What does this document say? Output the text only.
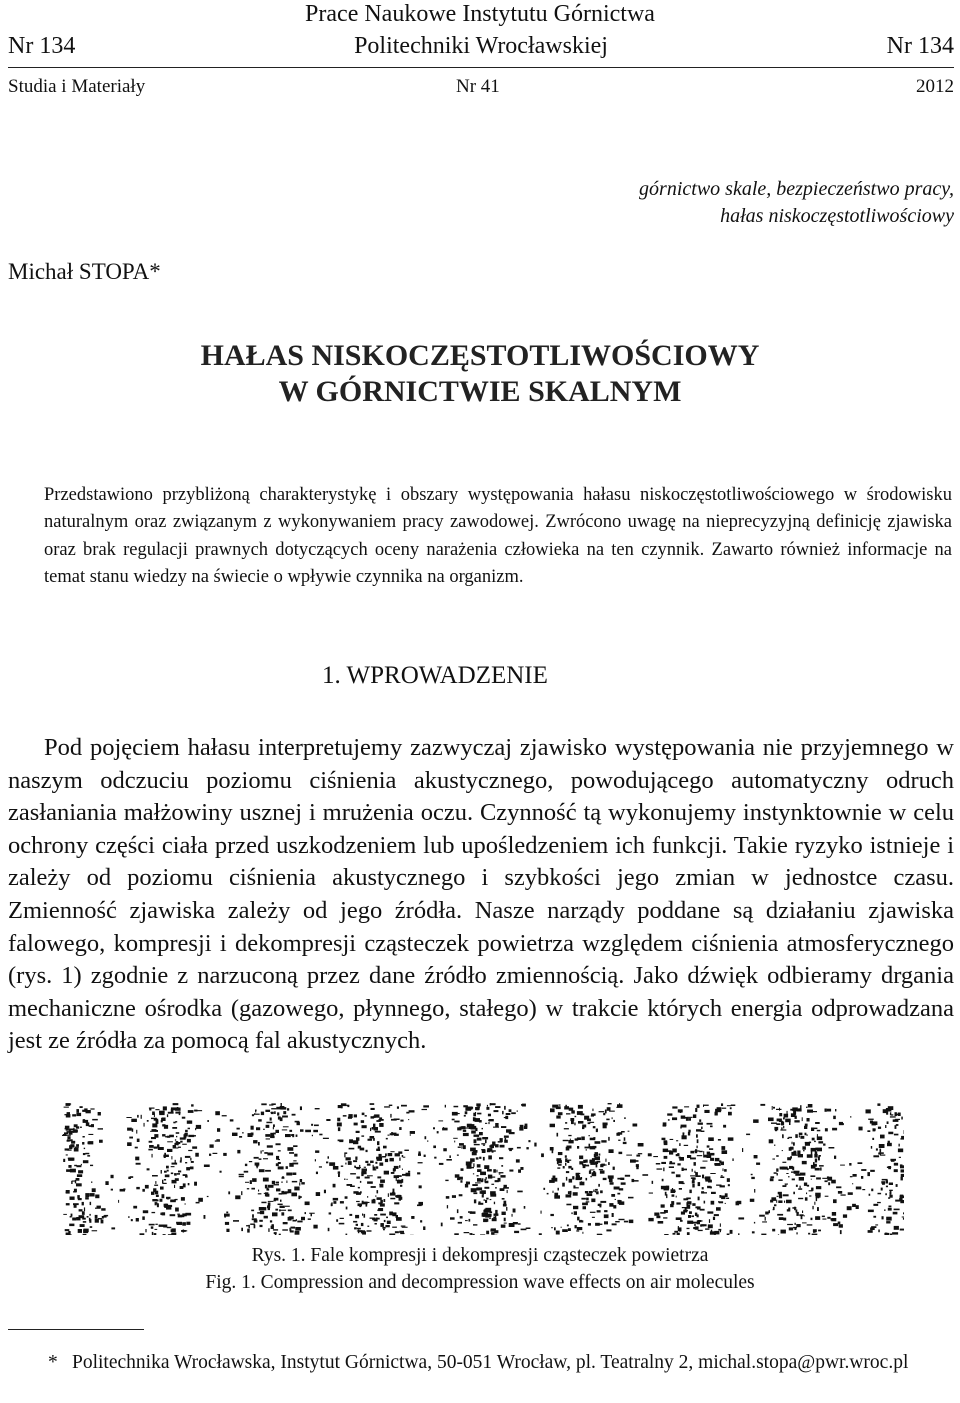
Prace Naukowe Instytutu Górnictwa
Nr 134	Politechniki Wrocławskiej	Nr 134
Studia i Materiały	Nr 41	2012
górnictwo skale, bezpieczeństwo pracy,
hałas niskoczęstotliwościowy
Michał STOPA*
HAŁAS NISKOCZĘSTOTLIWOŚCIOWY
W GÓRNICTWIE SKALNYM

Przedstawiono przybliżoną charakterystykę i obszary występowania hałasu niskoczęstotliwościowego w środowisku naturalnym oraz związanym z wykonywaniem pracy zawodowej. Zwrócono uwagę na nieprecyzyjną definicję zjawiska oraz brak regulacji prawnych dotyczących oceny narażenia człowieka na ten czynnik. Zawarto również informacje na temat stanu wiedzy na świecie o wpływie czynnika na organizm.

1. WPROWADZENIE

Pod pojęciem hałasu interpretujemy zazwyczaj zjawisko występowania nie przyjemnego w naszym odczuciu poziomu ciśnienia akustycznego, powodującego automatyczny odruch zasłaniania małżowiny usznej i mrużenia oczu. Czynność tą wykonujemy instynktownie w celu ochrony części ciała przed uszkodzeniem lub upośledzeniem ich funkcji. Takie ryzyko istnieje i zależy od poziomu ciśnienia akustycznego i szybkości jego zmian w jednostce czasu. Zmienność zjawiska zależy od jego źródła. Nasze narządy poddane są działaniu zjawiska falowego, kompresji i dekompresji cząsteczek powietrza względem ciśnienia atmosferycznego (rys. 1) zgodnie z narzuconą przez dane źródło zmiennością. Jako dźwięk odbieramy drgania mechaniczne ośrodka (gazowego, płynnego, stałego) w trakcie których energia odprowadzana jest ze źródła za pomocą fal akustycznych.

Rys. 1. Fale kompresji i dekompresji cząsteczek powietrza
Fig. 1. Compression and decompression wave effects on air molecules
* Politechnika Wrocławska, Instytut Górnictwa, 50-051 Wrocław, pl. Teatralny 2, michal.stopa@pwr.wroc.pl
